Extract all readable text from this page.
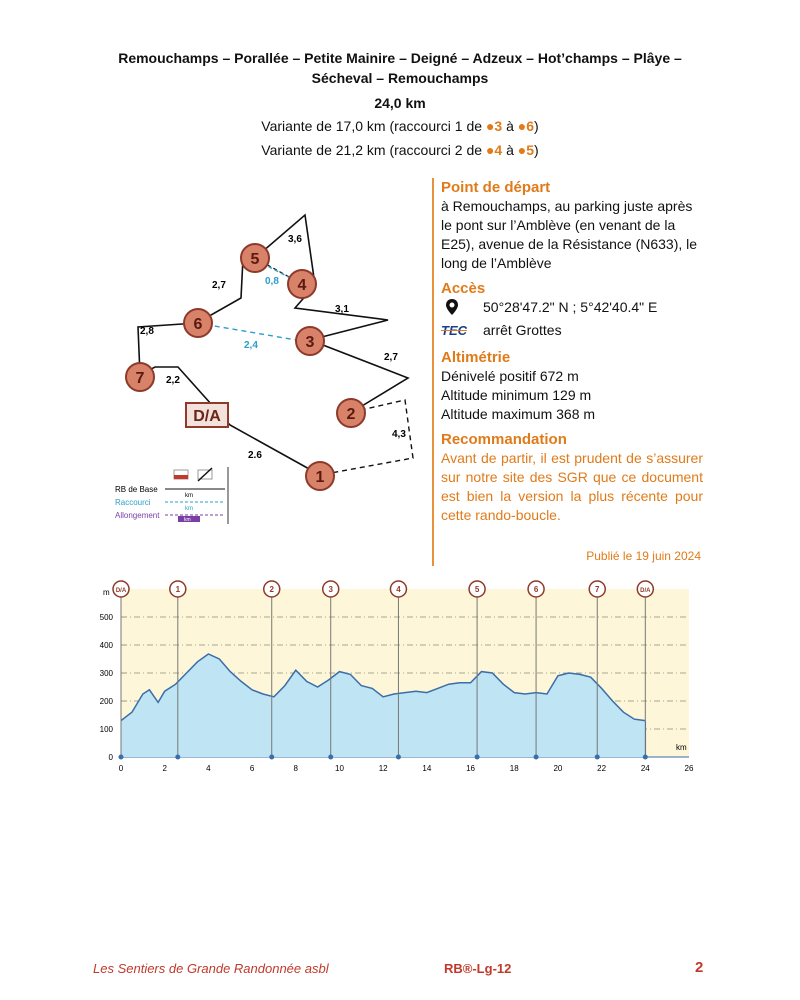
Remouchamps – Porallée – Petite Mainire – Deigné – Adzeux – Hot’champs – Plâye –
Sécheval – Remouchamps
24,0 km
Variante de 17,0 km (raccourci 1 de ●3 à ●6)
Variante de 21,2 km (raccourci 2 de ●4 à ●5)
3,6
2,7	0,8
3,1
2,8
2,4
2,7
2,2
4,3
2.6
5
4
6
3
7
2
1
D/A
RB de Base
km
Raccourci
km
Allongement	km
Point de départ
à Remouchamps, au parking juste après le pont sur l’Amblève (en venant de la E25), avenue de la Résistance (N633), le long de l’Amblève
Accès
50°28'47.2" N ; 5°42'40.4" E
TEC arrêt Grottes
Altimétrie
Dénivelé positif 672 m
Altitude minimum 129 m
Altitude maximum 368 m
Recommandation
Avant de partir, il est prudent de s’assurer sur notre site des SGR que ce document est bien la version la plus récente pour cette rando-boucle.
Publié le 19 juin 2024
D/A	1	2	3	4	5	6	7	D/A
0	2	4	6	8	10	12	14	16	18	20	22	24	26
0
100
200
300
400
500
m
km
Les Sentiers de Grande Randonnée asbl	RB®-Lg-12	2
